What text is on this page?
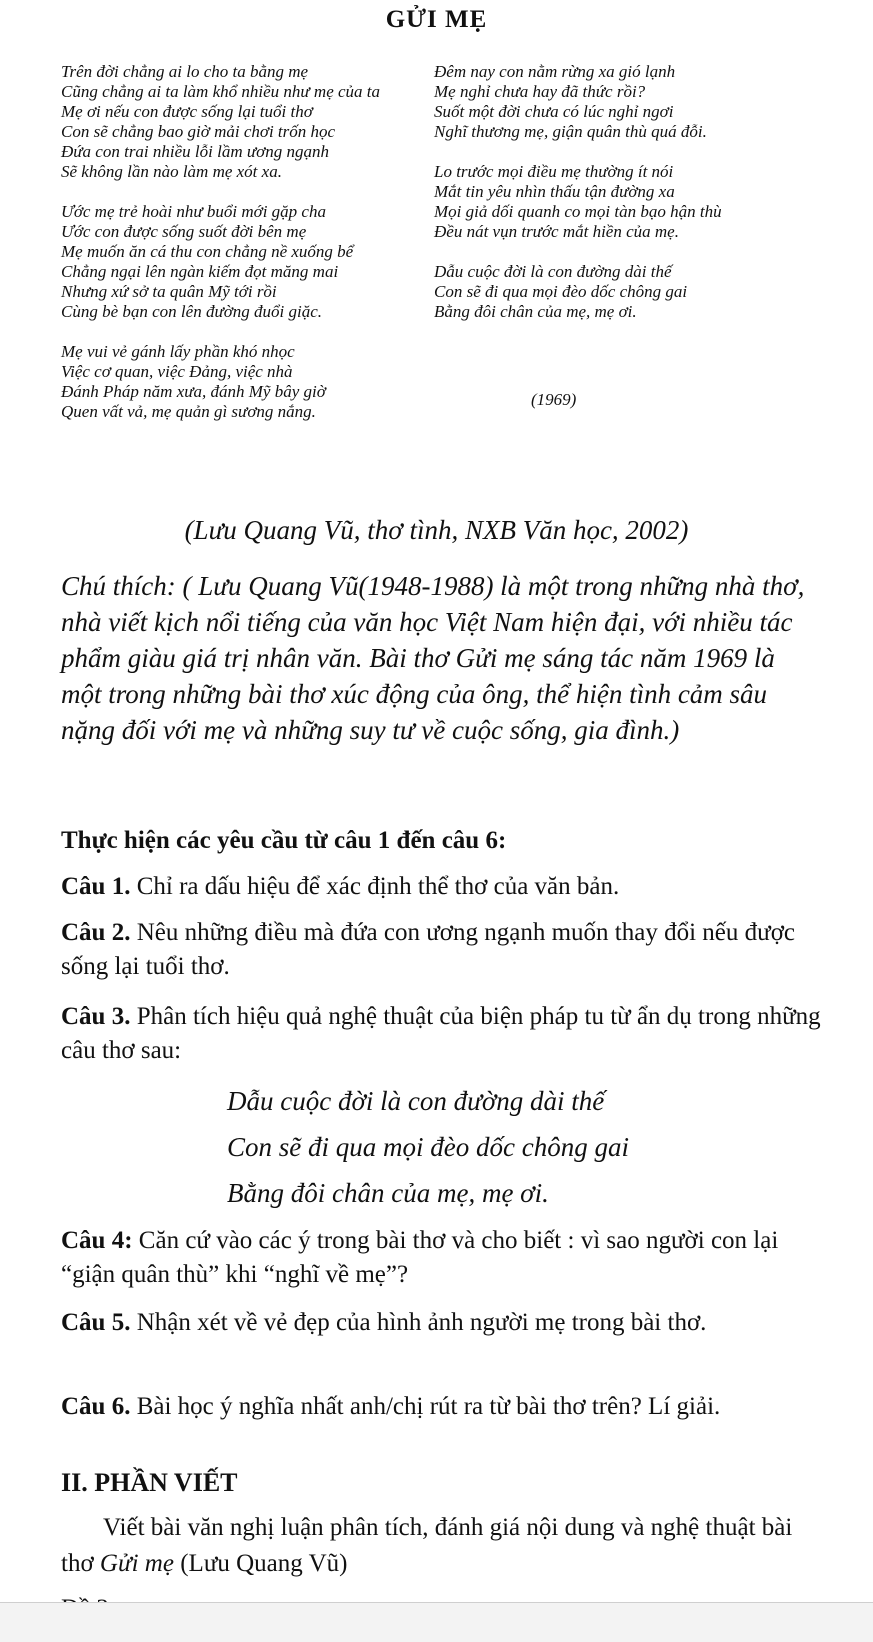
GỬI MẸ
Trên đời chẳng ai lo cho ta bằng mẹ
Cũng chẳng ai ta làm khổ nhiều như mẹ của ta
Mẹ ơi nếu con được sống lại tuổi thơ
Con sẽ chẳng bao giờ mải chơi trốn học
Đứa con trai nhiều lỗi lầm ương ngạnh
Sẽ không lần nào làm mẹ xót xa.
Ước mẹ trẻ hoài như buổi mới gặp cha
Ước con được sống suốt đời bên mẹ
Mẹ muốn ăn cá thu con chẳng nề xuống bể
Chẳng ngại lên ngàn kiếm đọt măng mai
Nhưng xứ sở ta quân Mỹ tới rồi
Cùng bè bạn con lên đường đuổi giặc.
Mẹ vui vẻ gánh lấy phần khó nhọc
Việc cơ quan, việc Đảng, việc nhà
Đánh Pháp năm xưa, đánh Mỹ bây giờ
Quen vất vả, mẹ quản gì sương nắng.
Đêm nay con nằm rừng xa gió lạnh
Mẹ nghỉ chưa hay đã thức rồi?
Suốt một đời chưa có lúc nghỉ ngơi
Nghĩ thương mẹ, giận quân thù quá đỗi.
Lo trước mọi điều mẹ thường ít nói
Mắt tin yêu nhìn thấu tận đường xa
Mọi giả dối quanh co mọi tàn bạo hận thù
Đều nát vụn trước mắt hiền của mẹ.
Dẫu cuộc đời là con đường dài thế
Con sẽ đi qua mọi đèo dốc chông gai
Bằng đôi chân của mẹ, mẹ ơi.
(1969)
(Lưu Quang Vũ, thơ tình, NXB Văn học, 2002)
Chú thích: ( Lưu Quang Vũ(1948-1988) là một trong những nhà thơ, nhà viết kịch nổi tiếng của văn học Việt Nam hiện đại, với nhiều tác phẩm giàu giá trị nhân văn. Bài thơ Gửi mẹ sáng tác năm 1969 là một trong những bài thơ xúc động của ông, thể hiện tình cảm sâu nặng đối với mẹ và những suy tư về cuộc sống, gia đình.)
Thực hiện các yêu cầu từ câu 1 đến câu 6:
Câu 1. Chỉ ra dấu hiệu để xác định thể thơ của văn bản.
Câu 2. Nêu những điều mà đứa con ương ngạnh muốn thay đổi nếu được sống lại tuổi thơ.
Câu 3. Phân tích hiệu quả nghệ thuật của biện pháp tu từ ẩn dụ trong những câu thơ sau:
Dẫu cuộc đời là con đường dài thế
Con sẽ đi qua mọi đèo dốc chông gai
Bằng đôi chân của mẹ, mẹ ơi.
Câu 4: Căn cứ vào các ý trong bài thơ và cho biết : vì sao người con lại “giận quân thù” khi “nghĩ về mẹ”?
Câu 5. Nhận xét về vẻ đẹp của hình ảnh người mẹ trong bài thơ.
Câu 6. Bài học ý nghĩa nhất anh/chị rút ra từ bài thơ trên? Lí giải.
II. PHẦN VIẾT
Viết bài văn nghị luận phân tích, đánh giá nội dung và nghệ thuật bài thơ Gửi mẹ (Lưu Quang Vũ)
